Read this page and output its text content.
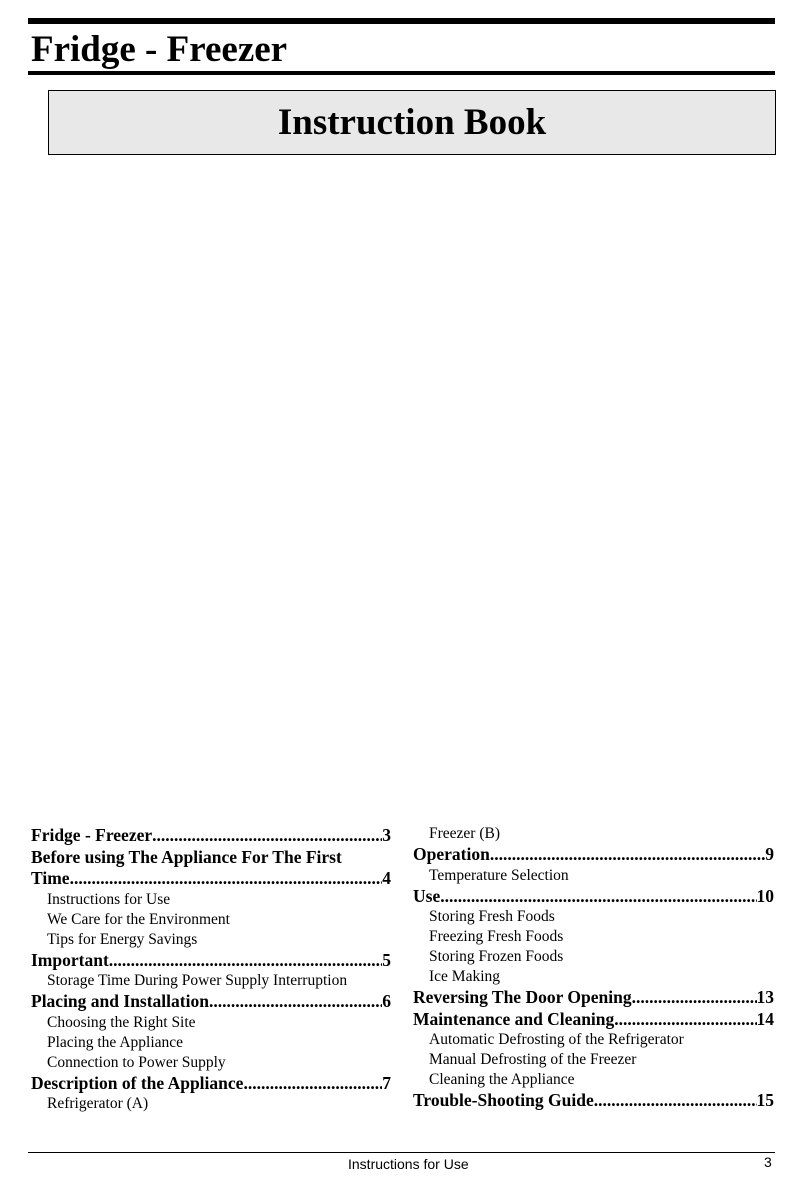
Fridge - Freezer
Instruction Book
Fridge - Freezer .....	3
Before using The Appliance For The First
Time .....	4
Instructions for Use
We Care for the Environment
Tips for Energy Savings
Important .....	5
Storage Time During Power Supply Interruption
Placing and Installation .....	6
Choosing the Right Site
Placing the Appliance
Connection to Power Supply
Description of the Appliance .....	7
Refrigerator (A)
Freezer (B)
Operation .....	9
Temperature Selection
Use .....	10
Storing Fresh Foods
Freezing Fresh Foods
Storing Frozen Foods
Ice Making
Reversing The Door Opening .....	13
Maintenance and Cleaning .....	14
Automatic Defrosting of the Refrigerator
Manual Defrosting of the Freezer
Cleaning the Appliance
Trouble-Shooting Guide .....	15
Instructions for Use	3
